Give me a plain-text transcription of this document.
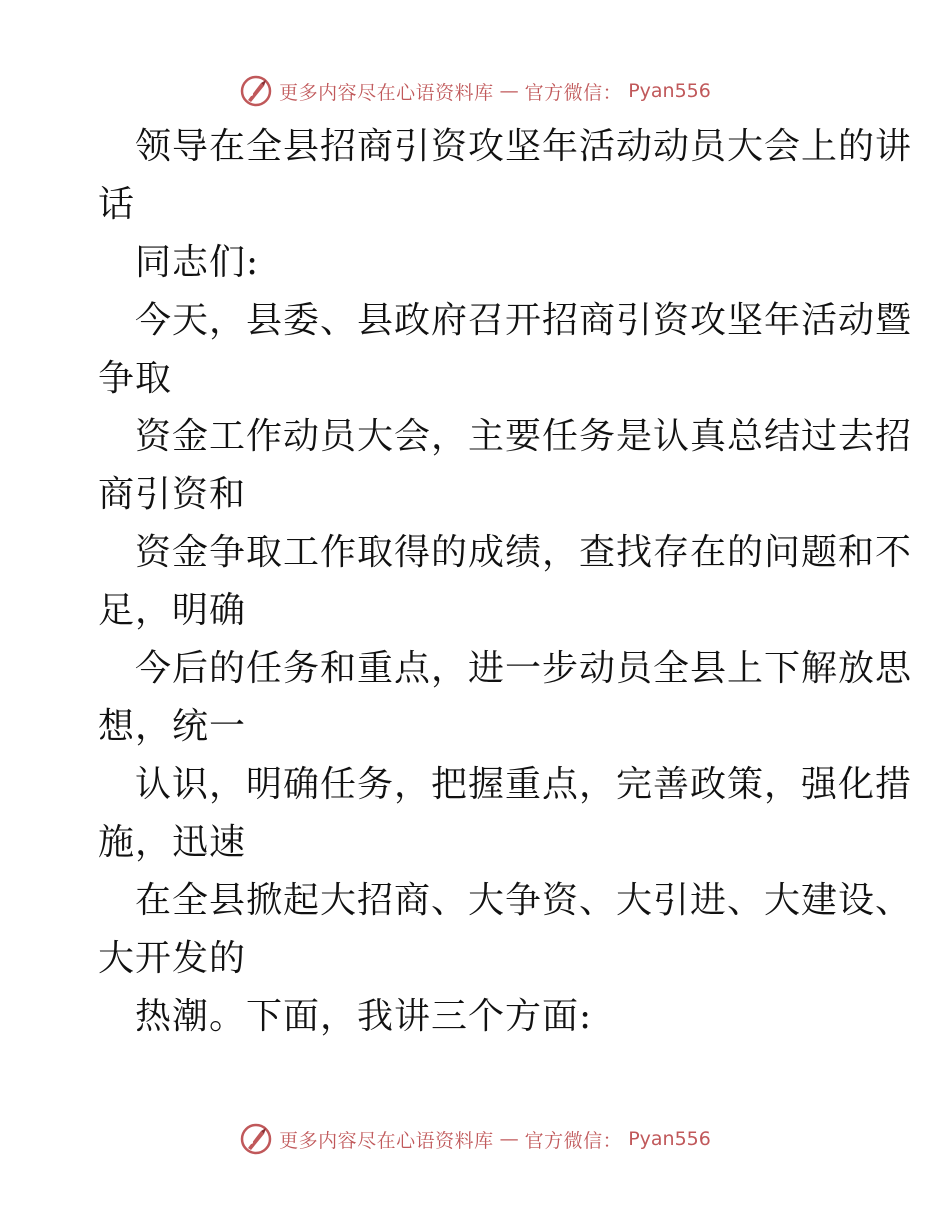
更多内容尽在心语资料库 — 官方微信： Pyan556
领导在全县招商引资攻坚年活动动员大会上的讲
话
同志们:
今天，县委、县政府召开招商引资攻坚年活动暨
争取
资金工作动员大会，主要任务是认真总结过去招
商引资和
资金争取工作取得的成绩，查找存在的问题和不
足，明确
今后的任务和重点，进一步动员全县上下解放思
想，统一
认识，明确任务，把握重点，完善政策，强化措
施，迅速
在全县掀起大招商、大争资、大引进、大建设、
大开发的
热潮。下面，我讲三个方面:
更多内容尽在心语资料库 — 官方微信： Pyan556
